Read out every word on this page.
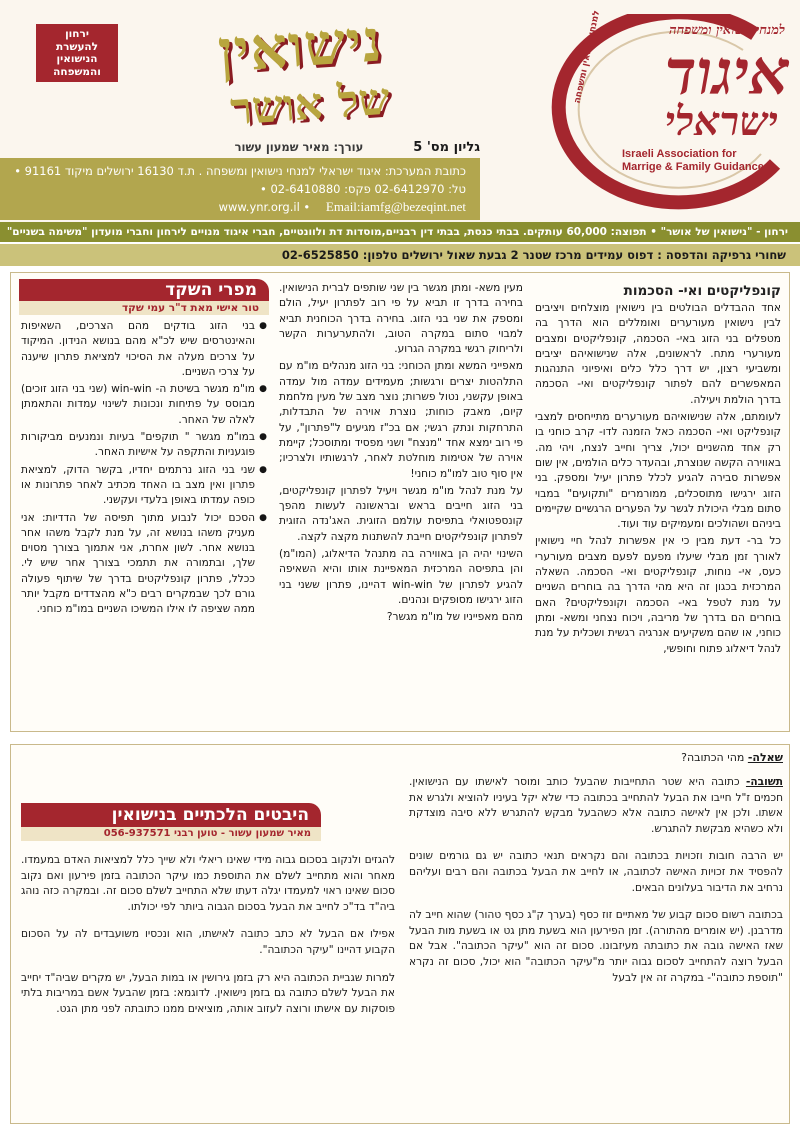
ירחון
להעשרת
הנישואין
והמשפחה	נישואין
של אושר
למנחי נישואין ומשפחה	למנחי נישואין ומשפחה
איגוד
ישראלי
Israeli Association for
Marrige & Family Guidance
גליון מס' 5 עורך: מאיר שמעון עשור
כתובת המערכת: איגוד ישראלי למנחי נישואין ומשפחה . ת.ד 16130 ירושלים מיקוד 91161 •
טל: 02-6412970 פקס: 02-6410880 •
www.ynr.org.il • Email:iamfg@bezeqint.net
ירחון - "נישואין של אושר" • תפוצה: 60,000 עותקים. בבתי כנסת, בבתי דין רבניים,מוסדות דת ולוונטיים, חברי איגוד מנויים לירחון וחברי מועדון "משימה בשניים"
שחורי גרפיקה והדפסה : דפוס עמידים מרכז שטנר 2 גבעת שאול ירושלים טלפון: 02-6525850
קונפליקטים ואי- הסכמות

אחד ההבדלים הבולטים בין נישואין מוצלחים ויציבים לבין נישואין מעורערים ואומללים הוא הדרך בה מטפלים בני הזוג באי- הסכמה, קונפליקטים ומצבים מעורערי מתח. לראשונים, אלה שנישואיהם יציבים ומשביעי רצון, יש דרך כלל כלים ואיפיוני התנהגות המאפשרים להם לפתור קונפליקטים ואי- הסכמה בדרך הולמת ויעילה.

לעומתם, אלה שנישואיהם מעורערים מתייחסים למצבי קונפליקט ואי- הסכמה כאל הזמנה לדו- קרב כוחני בו רק אחד מהשניים יכול, צריך וחייב לנצח, ויהי מה. באווירה הקשה שנוצרת, ובהעדר כלים הולמים, אין שום אפשרות סבירה להגיע לכלל פתרון יעיל ומספק. בני הזוג ירגישו מתוסכלים, ממורמרים "ותקועים" במבוי סתום מבלי היכולת לגשר על הפערים הרגשיים שקיימים ביניהם ושהולכים ומעמיקים עוד ועוד.

כל בר- דעת מבין כי אין אפשרות לנהל חיי נישואין לאורך זמן מבלי שיעלו מפעם לפעם מצבים מעורערי כעס, אי- נוחות, קונפליקטים ואי- הסכמה. השאלה המרכזית בכגון זה היא מהי הדרך בה בוחרים השניים על מנת לטפל באי- הסכמה וקונפליקטים? האם בוחרים הם בדרך של מריבה, ויכוח נצחני ומשא- ומתן כוחני, או שהם משקיעים אנרגיה רגשית ושכלית על מנת לנהל דיאלוג פתוח וחופשי,

מעין משא- ומתן מגשר בין שני שותפים לברית הנישואין. בחירה בדרך זו תביא על פי רוב לפתרון יעיל, הולם ומספק את שני בני הזוג. בחירה בדרך הכוחנית תביא למבוי סתום במקרה הטוב, ולהתערערות הקשר ולריחוק רגשי במקרה הגרוע.

מאפייני המשא ומתן הכוחני: בני הזוג מנהלים מו"מ עם התלהטות יצרים ורגשות; מעמידים עמדה מול עמדה באופן עקשני, נטול פשרות; נוצר מצב של מעין מלחמת קיום, מאבק כוחות; נוצרת אוירה של התבדלות, התרחקות ונתק רגשי; אם בכ"ז מגיעים ל"פתרון", על פי רוב ימצא אחד "מנצח" ושני מפסיד ומתוסכל; קיימת אוירה של אטימות מוחלטת לאחר, לרגשותיו ולצרכיו; אין סוף טוב למו"מ כוחני!

על מנת לנהל מו"מ מגשר ויעיל לפתרון קונפליקטים, בני הזוג חייבים בראש ובראשונה לעשות מהפך קונספטואלי בתפיסת עולמם הזוגית. האג'נדה הזוגית לפתרון קונפליקטים חייבת להשתנות מקצה לקצה.

השינוי יהיה הן באווירה בה מתנהל הדיאלוג, (המו"מ) והן בתפיסה המרכזית המאפיינת אותו והיא השאיפה להגיע לפתרון של win-win דהיינו, פתרון ששני בני הזוג ירגישו מסופקים ונהנים.

מהם מאפייניו של מו"מ מגשר?

מפרי השקד
טור אישי מאת ד"ר עמי שקד
● בני הזוג בודקים מהם הצרכים, השאיפות והאינטרסים שיש לכ"א מהם בנושא הנידון. המיקוד על צרכים מעלה את הסיכוי למציאת פתרון שיענה על צרכי השניים.
● מו"מ מגשר בשיטת ה- win-win (שני בני הזוג זוכים) מבוסס על פתיחות ונכונות לשינוי עמדות והתאמתן לאלה של האחר.
● במו"מ מגשר " תוקפים" בעיות ונמנעים מביקורות פוגעניות והתקפה על אישיות האחר.
● שני בני הזוג נרתמים יחדיו, בקשר הדוק, למציאת פתרון ואין מצב בו האחד מכתיב לאחר פתרונות או כופה עמדתו באופן בלעדי ועקשני.
● הסכם יכול לנבוע מתוך תפיסה של הדדיות: אני מעניק משהו בנושא זה, על מנת לקבל משהו אחר בנושא אחר. לשון אחרת, אני אתמוך בצורך מסוים שלך, ובתמורה את תתמכי בצורך אחר שיש לי. ככלל, פתרון קונפליקטים בדרך של שיתוף פעולה גורם לכך שבמקרים רבים כ"א מהצדדים מקבל יותר ממה שציפה לו אילו המשיכו השניים במו"מ כוחני.
שאלה- מהי הכתובה?

תשובה- כתובה היא שטר התחייבות שהבעל כותב ומוסר לאישתו עם הנישואין. חכמים ז"ל חייבו את הבעל להתחייב בכתובה כדי שלא יקל בעיניו להוציא ולגרש את אשתו. ולכן אין לאישה כתובה אלא כשהבעל מבקש להתגרש ללא סיבה מוצדקת ולא כשהיא מבקשת להתגרש.

יש הרבה חובות וזכויות בכתובה והם נקראים תנאי כתובה יש גם גורמים שונים להפסיד את זכויות האישה לכתובה, או לחייב את הבעל בכתובה והם רבים ועליהם נרחיב את הדיבור בעלונים הבאים.

בכתובה רשום סכום קבוע של מאתיים זוז כסף (בערך ק"ג כסף טהור) שהוא חייב לה מדרבנן. (יש אומרים מהתורה). זמן הפירעון הוא בשעת מתן גט או בשעת מות הבעל שאז האישה גובה את כתובתה מעיזבונו. סכום זה הוא "עיקר הכתובה". אבל אם הבעל רוצה להתחייב לסכום גבוה יותר מ"עיקר הכתובה" הוא יכול, סכום זה נקרא "תוספת כתובה"- במקרה זה אין לבעל

היבטים הלכתיים בנישואין
מאיר שמעון עשור - טוען רבני 056-937571

להגזים ולנקוב בסכום גבוה מידי שאינו ריאלי ולא שייך כלל למציאות האדם במעמדו. מאחר והוא מתחייב לשלם את התוספת כמו עיקר הכתובה בזמן פירעון ואם נקוב סכום שאינו ראוי למעמדו יגלה דעתו שלא התחייב לשלם סכום זה. ובמקרה כזה נוהג ביה"ד בד"כ לחייב את הבעל בסכום הגבוה ביותר לפי יכולתו.

אפילו אם הבעל לא כתב כתובה לאישתו, הוא ונכסיו משועבדים לה על הסכום הקבוע דהיינו "עיקר הכתובה".

למרות שגביית הכתובה היא רק בזמן גירושין או במות הבעל, יש מקרים שביה"ד יחייב את הבעל לשלם כתובה גם בזמן נישואין. לדוגמא: בזמן שהבעל אשם במריבות בלתי פוסקות עם אישתו ורוצה לעזוב אותה, מוציאים ממנו כתובתה לפני מתן הגט.
